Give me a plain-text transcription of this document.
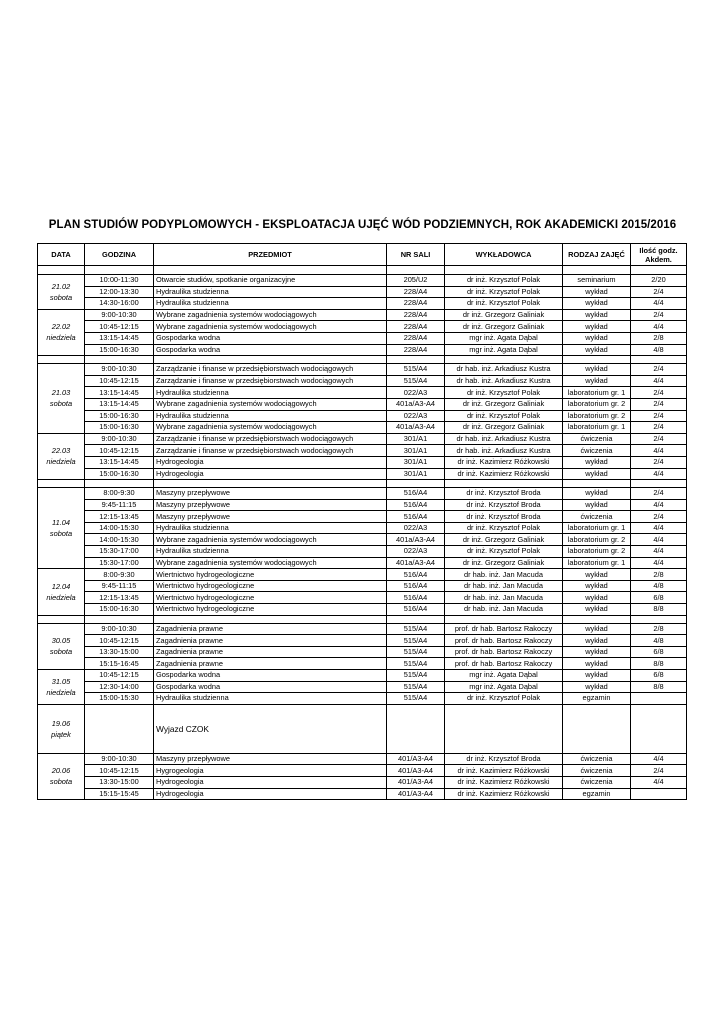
PLAN STUDIÓW PODYPLOMOWYCH - EKSPLOATACJA UJĘĆ WÓD PODZIEMNYCH, ROK AKADEMICKI 2015/2016
DATA	GODZINA	PRZEDMIOT	NR SALI	WYKŁADOWCA	RODZAJ ZAJĘĆ	Ilość godz. Akdem.

21.02
sobota	10:00-11:30	Otwarcie studiów, spotkanie organizacyjne	205/U2	dr inż. Krzysztof Polak	seminarium	2/20
	12:00-13:30	Hydraulika studzienna	228/A4	dr inż. Krzysztof Polak	wykład	2/4
	14:30-16:00	Hydraulika studzienna	228/A4	dr inż. Krzysztof Polak	wykład	4/4

22.02
niedziela	9:00-10:30	Wybrane zagadnienia systemów wodociągowych	228/A4	dr inż. Grzegorz Galiniak	wykład	2/4
	10:45-12:15	Wybrane zagadnienia systemów wodociągowych	228/A4	dr inż. Grzegorz Galiniak	wykład	4/4
	13:15-14:45	Gospodarka wodna	228/A4	mgr inż. Agata Dąbal	wykład	2/8
	15:00-16:30	Gospodarka wodna	228/A4	mgr inż. Agata Dąbal	wykład	4/8

21.03
sobota	9:00-10:30	Zarządzanie i finanse w przedsiębiorstwach wodociągowych	515/A4	dr hab. inż. Arkadiusz Kustra	wykład	2/4
	10:45-12:15	Zarządzanie i finanse w przedsiębiorstwach wodociągowych	515/A4	dr hab. inż. Arkadiusz Kustra	wykład	4/4
	13:15-14:45	Hydraulika studzienna	022/A3	dr inż. Krzysztof Polak	laboratorium gr. 1	2/4
	13:15-14:45	Wybrane zagadnienia systemów wodociągowych	401a/A3-A4	dr inż. Grzegorz Galiniak	laboratorium gr. 2	2/4
	15:00-16:30	Hydraulika studzienna	022/A3	dr inż. Krzysztof Polak	laboratorium gr. 2	2/4
	15:00-16:30	Wybrane zagadnienia systemów wodociągowych	401a/A3-A4	dr inż. Grzegorz Galiniak	laboratorium gr. 1	2/4

22.03
niedziela	9:00-10:30	Zarządzanie i finanse w przedsiębiorstwach wodociągowych	301/A1	dr hab. inż. Arkadiusz Kustra	ćwiczenia	2/4
	10:45-12:15	Zarządzanie i finanse w przedsiębiorstwach wodociągowych	301/A1	dr hab. inż. Arkadiusz Kustra	ćwiczenia	4/4
	13:15-14:45	Hydrogeologia	301/A1	dr inż. Kazimierz Różkowski	wykład	2/4
	15:00-16:30	Hydrogeologia	301/A1	dr inż. Kazimierz Różkowski	wykład	4/4

11.04
sobota	8:00-9:30	Maszyny przepływowe	516/A4	dr inż. Krzysztof Broda	wykład	2/4
	9:45-11:15	Maszyny przepływowe	516/A4	dr inż. Krzysztof Broda	wykład	4/4
	12:15-13:45	Maszyny przepływowe	516/A4	dr inż. Krzysztof Broda	ćwiczenia	2/4
	14:00-15:30	Hydraulika studzienna	022/A3	dr inż. Krzysztof Polak	laboratorium gr. 1	4/4
	14:00-15:30	Wybrane zagadnienia systemów wodociągowych	401a/A3-A4	dr inż. Grzegorz Galiniak	laboratorium gr. 2	4/4
	15:30-17:00	Hydraulika studzienna	022/A3	dr inż. Krzysztof Polak	laboratorium gr. 2	4/4
	15:30-17:00	Wybrane zagadnienia systemów wodociągowych	401a/A3-A4	dr inż. Grzegorz Galiniak	laboratorium gr. 1	4/4

12.04
niedziela	8:00-9:30	Wiertnictwo hydrogeologiczne	516/A4	dr hab. inż. Jan Macuda	wykład	2/8
	9:45-11:15	Wiertnictwo hydrogeologiczne	516/A4	dr hab. inż. Jan Macuda	wykład	4/8
	12:15-13:45	Wiertnictwo hydrogeologiczne	516/A4	dr hab. inż. Jan Macuda	wykład	6/8
	15:00-16:30	Wiertnictwo hydrogeologiczne	516/A4	dr hab. inż. Jan Macuda	wykład	8/8

30.05
sobota	9:00-10:30	Zagadnienia prawne	515/A4	prof. dr hab. Bartosz Rakoczy	wykład	2/8
	10:45-12:15	Zagadnienia prawne	515/A4	prof. dr hab. Bartosz Rakoczy	wykład	4/8
	13:30-15:00	Zagadnienia prawne	515/A4	prof. dr hab. Bartosz Rakoczy	wykład	6/8
	15:15-16:45	Zagadnienia prawne	515/A4	prof. dr hab. Bartosz Rakoczy	wykład	8/8

31.05
niedziela	10:45-12:15	Gospodarka wodna	515/A4	mgr inż. Agata Dąbal	wykład	6/8
	12:30-14:00	Gospodarka wodna	515/A4	mgr inż. Agata Dąbal	wykład	8/8
	15:00-15:30	Hydraulika studzienna	515/A4	dr inż. Krzysztof Polak	egzamin	

19.06
piątek		Wyjazd CZOK				

20.06
sobota	9:00-10:30	Maszyny przepływowe	401/A3-A4	dr inż. Krzysztof Broda	ćwiczenia	4/4
	10:45-12:15	Hygrogeologia	401/A3-A4	dr inż. Kazimierz Różkowski	ćwiczenia	2/4
	13:30-15:00	Hydrogeologia	401/A3-A4	dr inż. Kazimierz Różkowski	ćwiczenia	4/4
	15:15-15:45	Hydrogeologia	401/A3-A4	dr inż. Kazimierz Różkowski	egzamin	
